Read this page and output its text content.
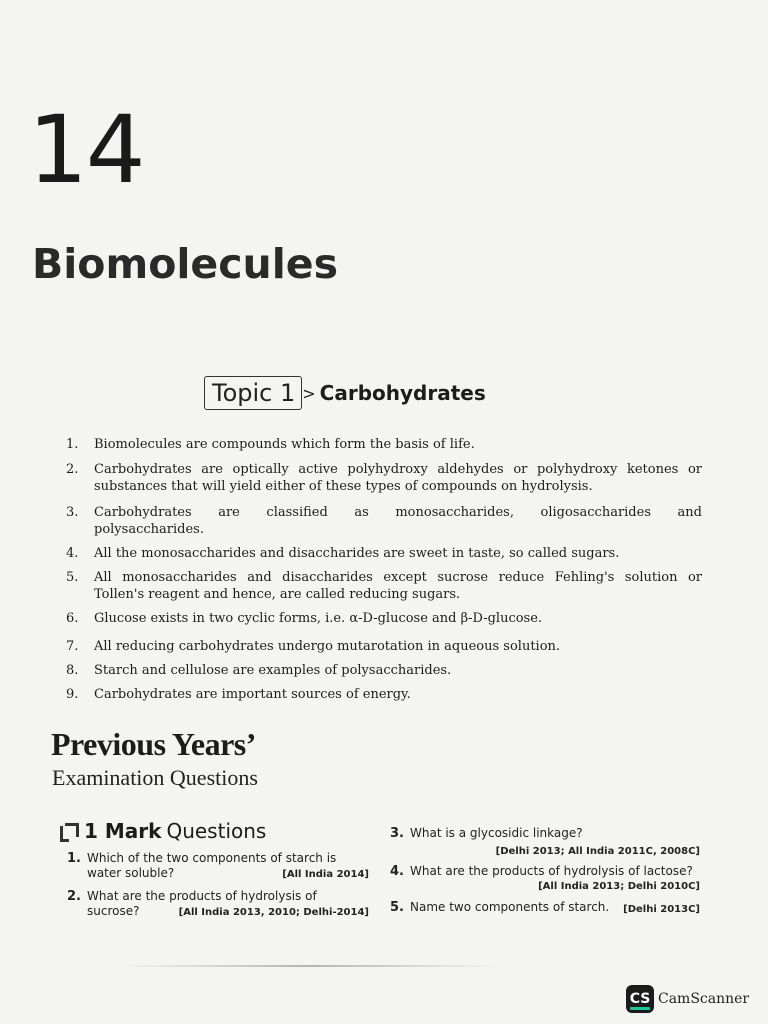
14
Biomolecules
Topic 1 > Carbohydrates
1.	Biomolecules are compounds which form the basis of life.
2.	Carbohydrates are optically active polyhydroxy aldehydes or polyhydroxy ketones or
substances that will yield either of these types of compounds on hydrolysis.
3.	Carbohydrates are classified as monosaccharides, oligosaccharides and
polysaccharides.
4.	All the monosaccharides and disaccharides are sweet in taste, so called sugars.
5.	All monosaccharides and disaccharides except sucrose reduce Fehling's solution or
Tollen's reagent and hence, are called reducing sugars.
6.	Glucose exists in two cyclic forms, i.e. α-D-glucose and β-D-glucose.
7.	All reducing carbohydrates undergo mutarotation in aqueous solution.
8.	Starch and cellulose are examples of polysaccharides.
9.	Carbohydrates are important sources of energy.
Previous Years’
Examination Questions
1 Mark Questions
1. Which of the two components of starch is
water soluble?	[All India 2014]
2. What are the products of hydrolysis of
sucrose?	[All India 2013, 2010; Delhi-2014]
3. What is a glycosidic linkage?
[Delhi 2013; All India 2011C, 2008C]
4. What are the products of hydrolysis of lactose?
[All India 2013; Delhi 2010C]
5. Name two components of starch. [Delhi 2013C]
CS CamScanner
